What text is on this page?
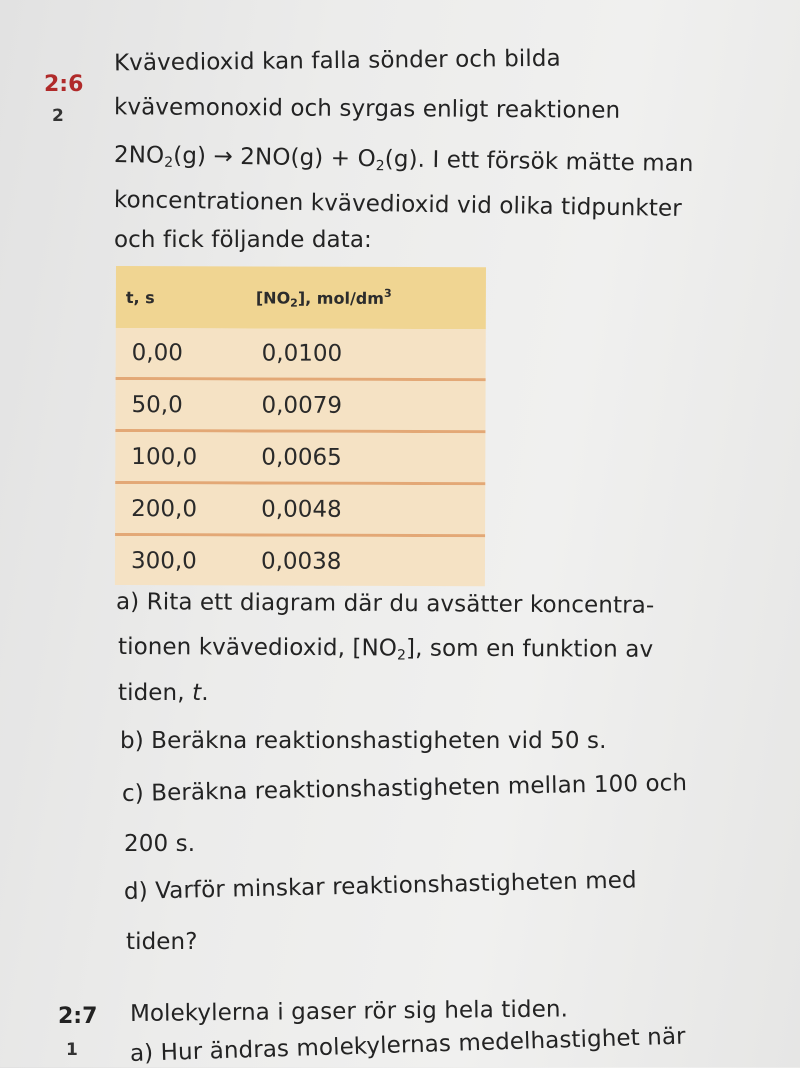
2:6
2
Kvävedioxid kan falla sönder och bilda
kvävemonoxid och syrgas enligt reaktionen
$2NO_2(g) \to 2NO(g) + O_2(g)$. I ett försök mätte man
koncentrationen kvävedioxid vid olika tidpunkter
och fick följande data:
t, s	$[NO_2]$, mol/$dm^3$
0,00	0,0100
50,0	0,0079
100,0	0,0065
200,0	0,0048
300,0	0,0038
a) Rita ett diagram där du avsätter koncentra-
tionen kvävedioxid, $[NO_2]$, som en funktion av
tiden, t.
b) Beräkna reaktionshastigheten vid 50 s.
c) Beräkna reaktionshastigheten mellan 100 och
200 s.
d) Varför minskar reaktionshastigheten med
tiden?
2:7
1
Molekylerna i gaser rör sig hela tiden.
a) Hur ändras molekylernas medelhastighet när
